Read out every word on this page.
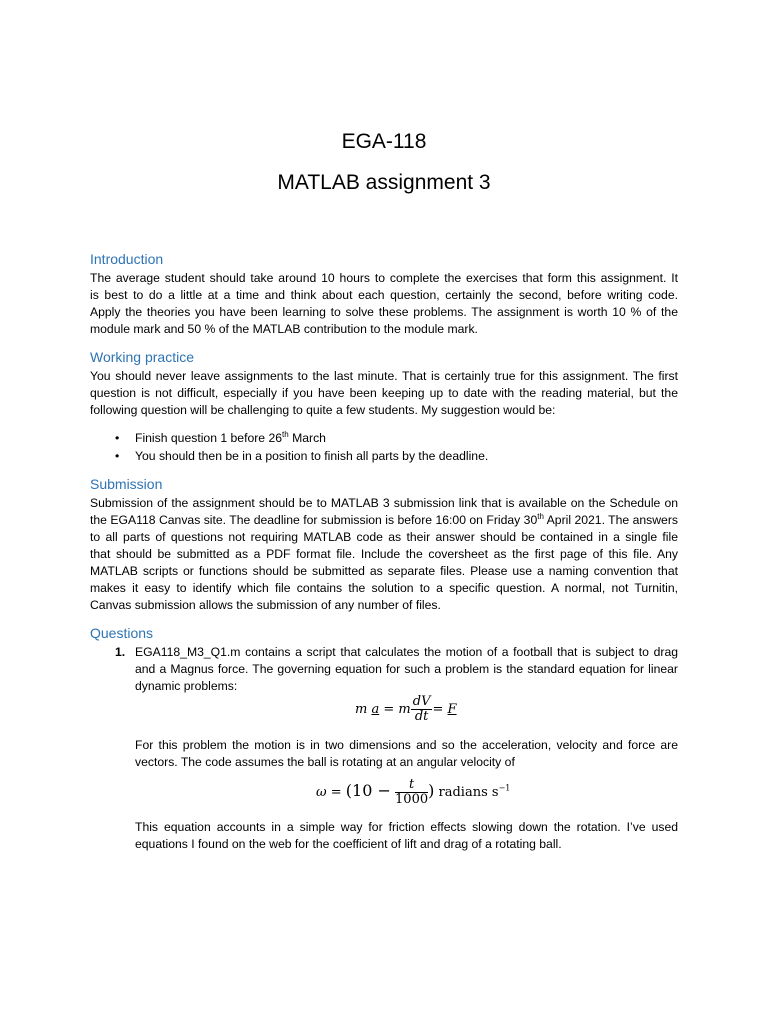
EGA-118
MATLAB assignment 3
Introduction
The average student should take around 10 hours to complete the exercises that form this assignment. It
is best to do a little at a time and think about each question, certainly the second, before writing code.
Apply the theories you have been learning to solve these problems. The assignment is worth 10 % of the
module mark and 50 % of the MATLAB contribution to the module mark.
Working practice
You should never leave assignments to the last minute. That is certainly true for this assignment. The first
question is not difficult, especially if you have been keeping up to date with the reading material, but the
following question will be challenging to quite a few students. My suggestion would be:
• Finish question 1 before 26th March
• You should then be in a position to finish all parts by the deadline.
Submission
Submission of the assignment should be to MATLAB 3 submission link that is available on the Schedule on
the EGA118 Canvas site. The deadline for submission is before 16:00 on Friday 30th April 2021. The answers
to all parts of questions not requiring MATLAB code as their answer should be contained in a single file
that should be submitted as a PDF format file. Include the coversheet as the first page of this file. Any
MATLAB scripts or functions should be submitted as separate files. Please use a naming convention that
makes it easy to identify which file contains the solution to a specific question. A normal, not Turnitin,
Canvas submission allows the submission of any number of files.
Questions
1. EGA118_M3_Q1.m contains a script that calculates the motion of a football that is subject to drag
and a Magnus force. The governing equation for such a problem is the standard equation for linear
dynamic problems:
m a = m $\frac{dV}{dt} = F$
For this problem the motion is in two dimensions and so the acceleration, velocity and force are
vectors. The code assumes the ball is rotating at an angular velocity of
$\omega = (10 - \frac{t}{1000}$ ) radians $s^{-1}$
This equation accounts in a simple way for friction effects slowing down the rotation. I’ve used
equations I found on the web for the coefficient of lift and drag of a rotating ball.
